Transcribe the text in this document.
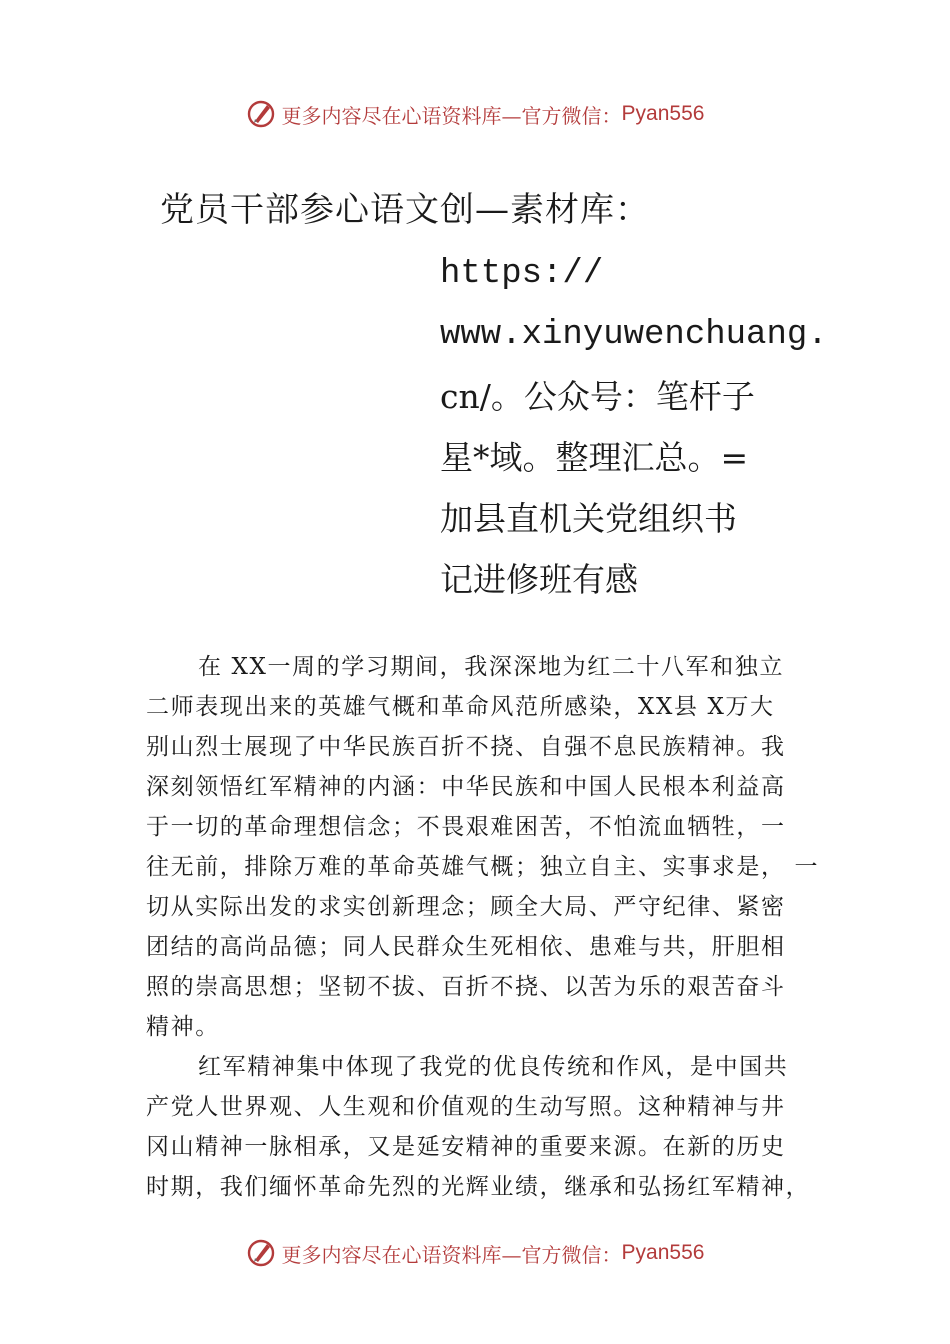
更多内容尽在心语资料库—官方微信： Pyan556
党员干部参心语文创—素材库：
https://
www.xinyuwenchuang.
cn/。公众号：笔杆子
星*域。整理汇总。=
加县直机关党组织书
记进修班有感
在 XX一周的学习期间，我深深地为红二十八军和独立
二师表现出来的英雄气概和革命风范所感染，XX县 X万大
别山烈士展现了中华民族百折不挠、自强不息民族精神。我
深刻领悟红军精神的内涵：中华民族和中国人民根本利益高
于一切的革命理想信念；不畏艰难困苦，不怕流血牺牲，一
往无前，排除万难的革命英雄气概；独立自主、实事求是， 一
切从实际出发的求实创新理念；顾全大局、严守纪律、紧密
团结的高尚品德；同人民群众生死相依、患难与共，肝胆相
照的崇高思想；坚韧不拔、百折不挠、以苦为乐的艰苦奋斗
精神。
红军精神集中体现了我党的优良传统和作风，是中国共
产党人世界观、人生观和价值观的生动写照。这种精神与井
冈山精神一脉相承，又是延安精神的重要来源。在新的历史
时期，我们缅怀革命先烈的光辉业绩，继承和弘扬红军精神，
更多内容尽在心语资料库—官方微信： Pyan556
